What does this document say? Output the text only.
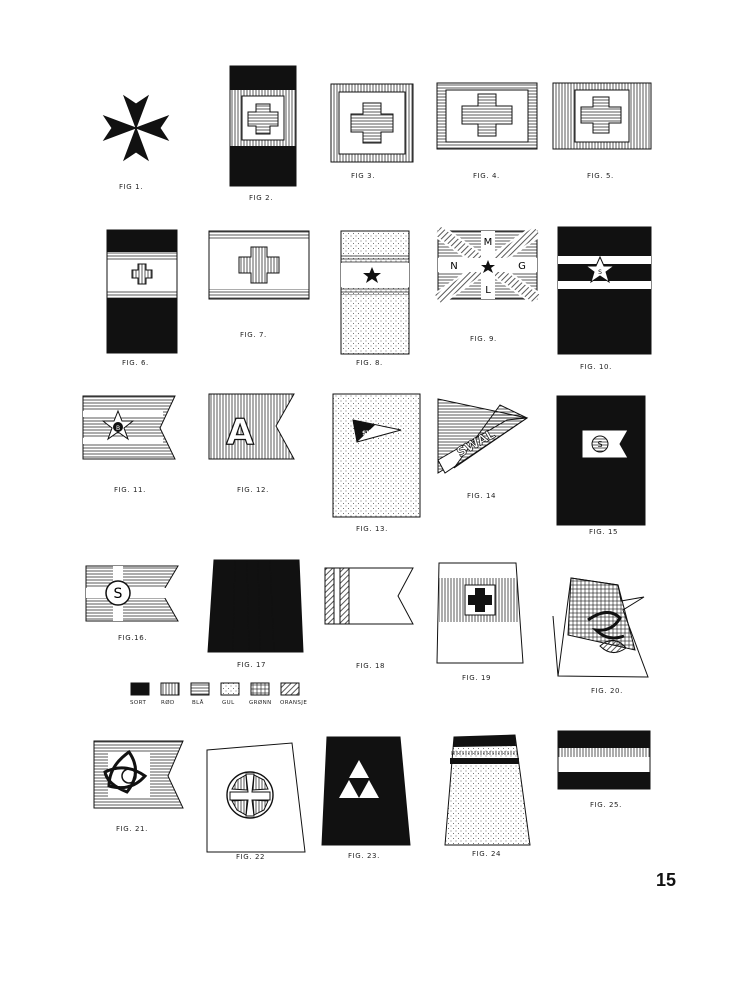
M
N	G
L
S
B	A	SWAL	SWAL	S
S
FIG 1.
FIG 2.
FIG 3.	FIG. 4.	FIG. 5.
FIG. 6.
FIG. 7.
FIG. 8.
FIG. 9.
FIG. 10.
FIG. 11.	FIG. 12.
FIG. 13.
FIG. 14
FIG. 15
FIG.16.
FIG. 17	FIG. 18
FIG. 19
FIG. 20.
FIG. 21.
FIG. 22	FIG. 23.	FIG. 24
FIG. 25.
SORT	RØD	BLÅ	GUL	GRØNN ORANSJE
15
